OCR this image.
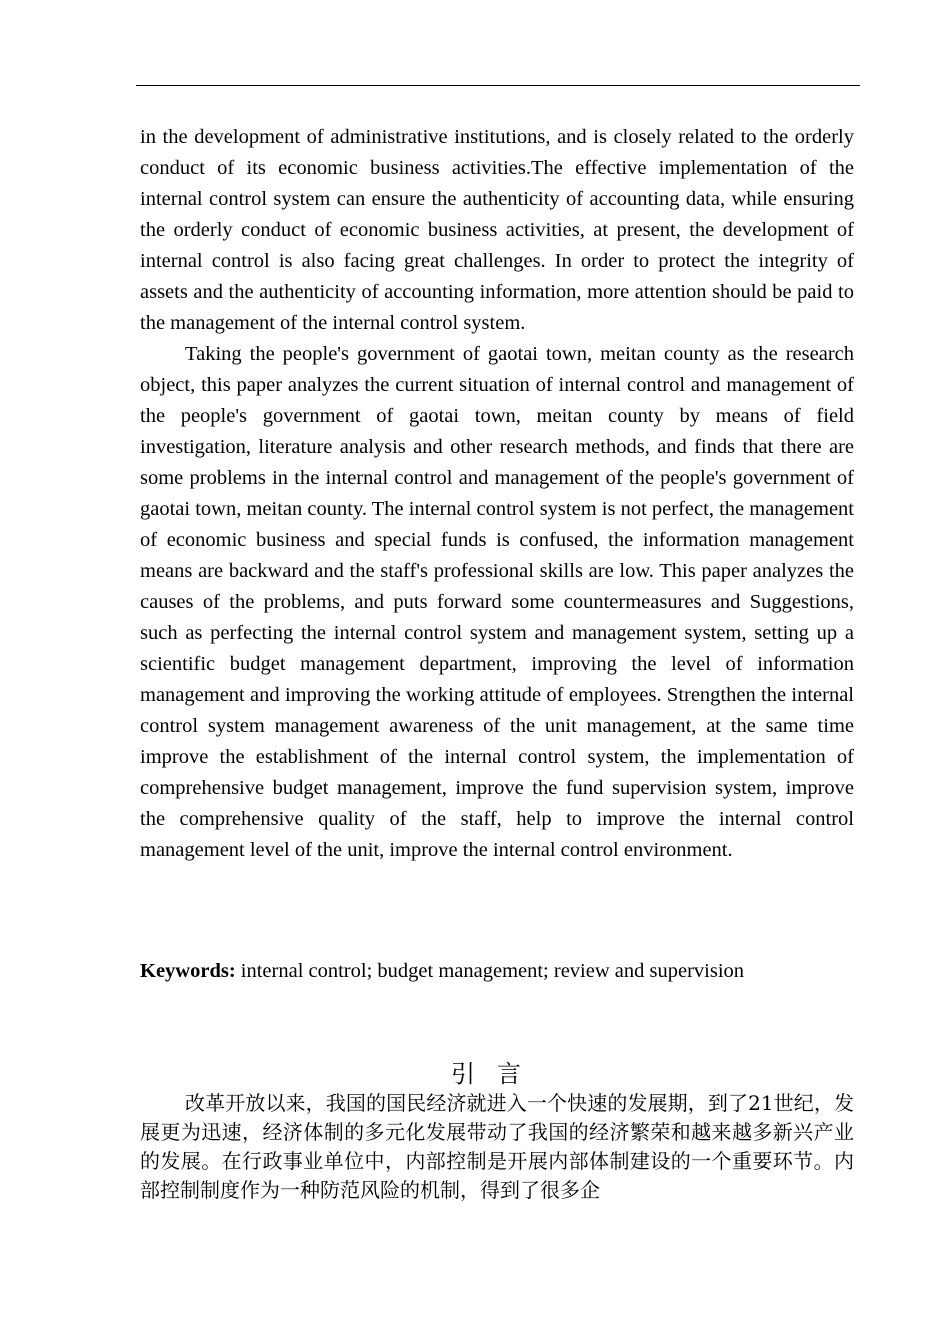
in the development of administrative institutions, and is closely related to the orderly conduct of its economic business activities.The effective implementation of the internal control system can ensure the authenticity of accounting data, while ensuring the orderly conduct of economic business activities, at present, the development of internal control is also facing great challenges. In order to protect the integrity of assets and the authenticity of accounting information, more attention should be paid to the management of the internal control system.

Taking the people's government of gaotai town, meitan county as the research object, this paper analyzes the current situation of internal control and management of the people's government of gaotai town, meitan county by means of field investigation, literature analysis and other research methods, and finds that there are some problems in the internal control and management of the people's government of gaotai town, meitan county. The internal control system is not perfect, the management of economic business and special funds is confused, the information management means are backward and the staff's professional skills are low. This paper analyzes the causes of the problems, and puts forward some countermeasures and Suggestions, such as perfecting the internal control system and management system, setting up a scientific budget management department, improving the level of information management and improving the working attitude of employees. Strengthen the internal control system management awareness of the unit management, at the same time improve the establishment of the internal control system, the implementation of comprehensive budget management, improve the fund supervision system, improve the comprehensive quality of the staff, help to improve the internal control management level of the unit, improve the internal control environment.

Keywords: internal control; budget management; review and supervision

引言

改革开放以来，我国的国民经济就进入一个快速的发展期，到了21世纪，发展更为迅速，经济体制的多元化发展带动了我国的经济繁荣和越来越多新兴产业的发展。在行政事业单位中，内部控制是开展内部体制建设的一个重要环节。内部控制制度作为一种防范风险的机制，得到了很多企
